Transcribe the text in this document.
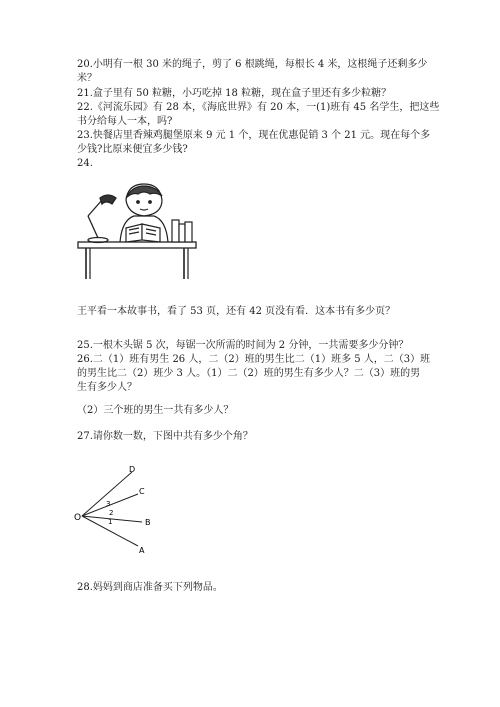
20.小明有一根 30 米的绳子，剪了 6 根跳绳，每根长 4 米，这根绳子还剩多少
米？
21.盒子里有 50 粒糖，小巧吃掉 18 粒糖，现在盒子里还有多少粒糖？
22.《河流乐园》有 28 本，《海底世界》有 20 本，一(1)班有 45 名学生，把这些
书分给每人一本，吗?
23.快餐店里香辣鸡腿堡原来 9 元 1 个，现在优惠促销 3 个 21 元。现在每个多
少钱?比原来便宜多少钱?
24.
王平看一本故事书，看了 53 页，还有 42 页没有看．这本书有多少页？
25.一根木头锯 5 次，每锯一次所需的时间为 2 分钟，一共需要多少分钟？
26.二（1）班有男生 26 人，二（2）班的男生比二（1）班多 5 人，二（3）班
的男生比二（2）班少 3 人。（1）二（2）班的男生有多少人？二（3）班的男
生有多少人？
（2）三个班的男生一共有多少人？
27.请你数一数，下图中共有多少个角？
O
D
C
B
A
3
2
1
28.妈妈到商店准备买下列物品。
